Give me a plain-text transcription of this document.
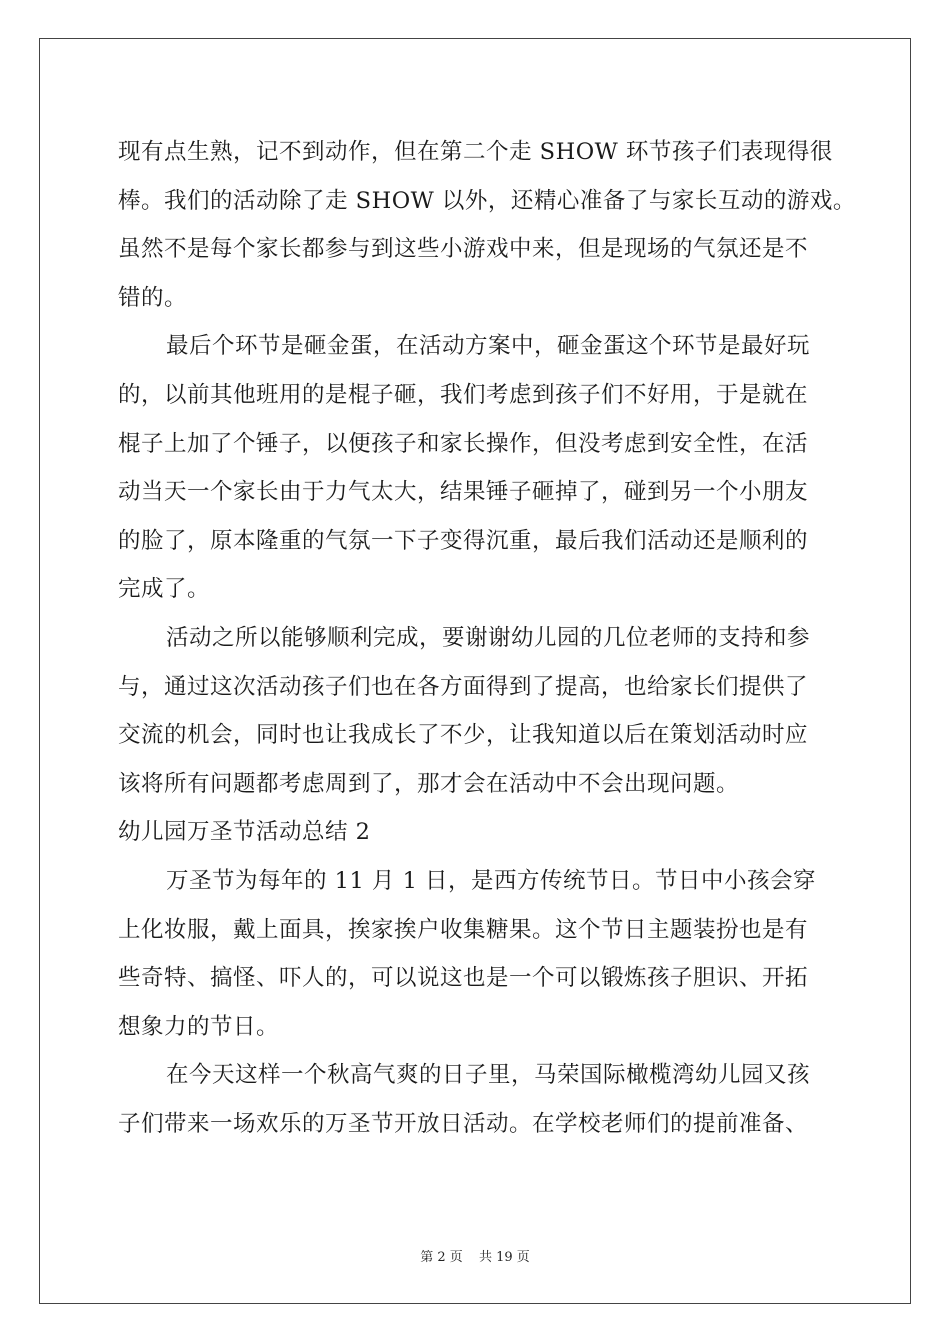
现有点生熟，记不到动作，但在第二个走 SHOW 环节孩子们表现得很
棒。我们的活动除了走 SHOW 以外，还精心准备了与家长互动的游戏。
虽然不是每个家长都参与到这些小游戏中来，但是现场的气氛还是不
错的。
最后个环节是砸金蛋，在活动方案中，砸金蛋这个环节是最好玩
的，以前其他班用的是棍子砸，我们考虑到孩子们不好用，于是就在
棍子上加了个锤子，以便孩子和家长操作，但没考虑到安全性，在活
动当天一个家长由于力气太大，结果锤子砸掉了，碰到另一个小朋友
的脸了，原本隆重的气氛一下子变得沉重，最后我们活动还是顺利的
完成了。
活动之所以能够顺利完成，要谢谢幼儿园的几位老师的支持和参
与，通过这次活动孩子们也在各方面得到了提高，也给家长们提供了
交流的机会，同时也让我成长了不少，让我知道以后在策划活动时应
该将所有问题都考虑周到了，那才会在活动中不会出现问题。
幼儿园万圣节活动总结 2
万圣节为每年的 11 月 1 日，是西方传统节日。节日中小孩会穿
上化妆服，戴上面具，挨家挨户收集糖果。这个节日主题装扮也是有
些奇特、搞怪、吓人的，可以说这也是一个可以锻炼孩子胆识、开拓
想象力的节日。
在今天这样一个秋高气爽的日子里，马荣国际橄榄湾幼儿园又孩
子们带来一场欢乐的万圣节开放日活动。在学校老师们的提前准备、
第 2 页 共 19 页
